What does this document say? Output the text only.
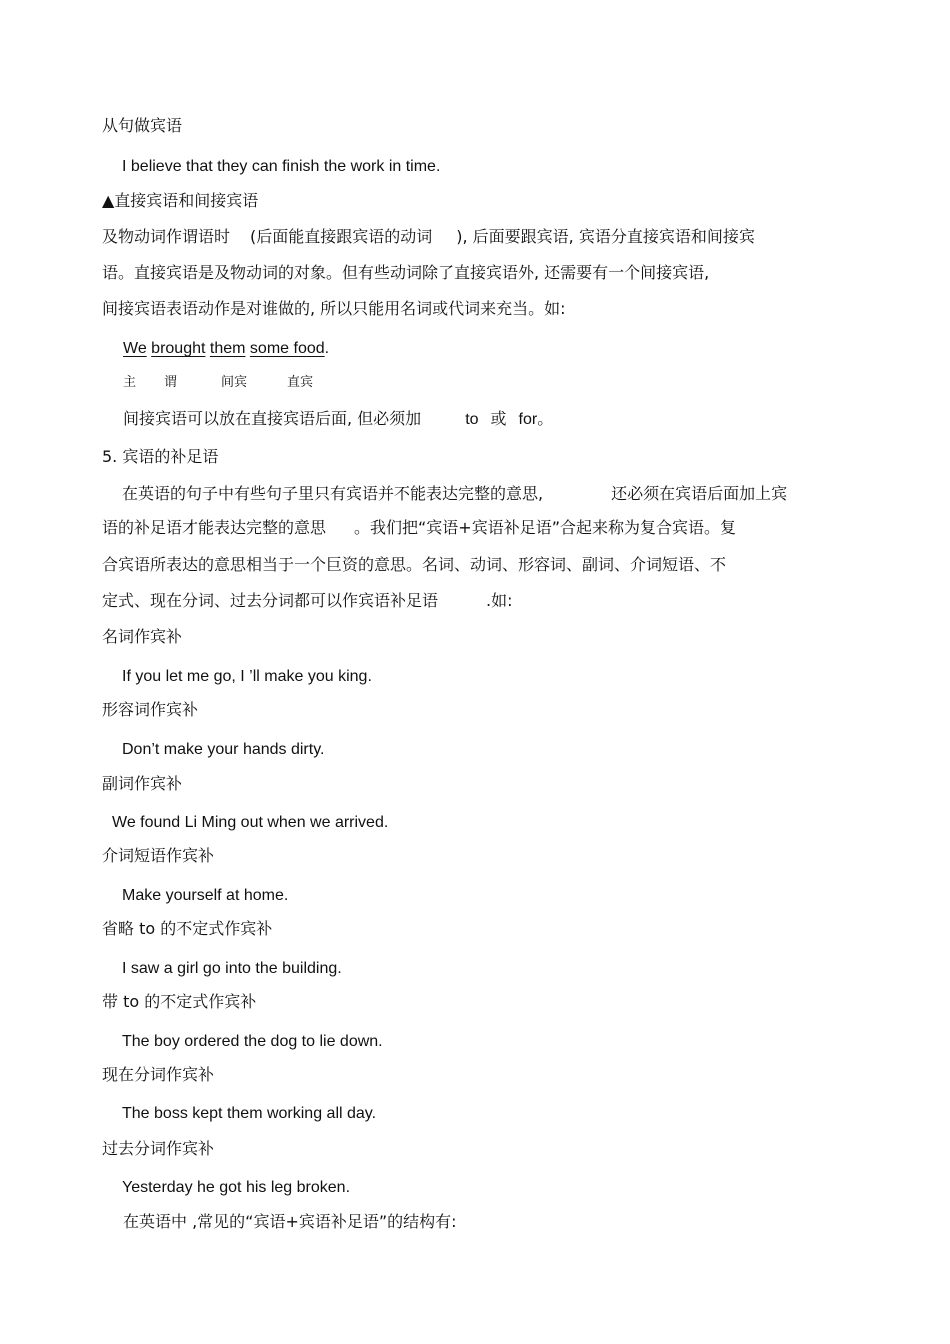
从句做宾语
I believe that they can finish the work in time.
▲直接宾语和间接宾语
及物动词作谓语时 (后面能直接跟宾语的动词 ), 后面要跟宾语, 宾语分直接宾语和间接宾
语。直接宾语是及物动词的对象。但有些动词除了直接宾语外, 还需要有一个间接宾语,
间接宾语表语动作是对谁做的, 所以只能用名词或代词来充当。如:
We brought them some food.
主 谓	间宾	直宾
间接宾语可以放在直接宾语后面, 但必须加	to 或 for。
5. 宾语的补足语
在英语的句子中有些句子里只有宾语并不能表达完整的意思,	还必须在宾语后面加上宾
语的补足语才能表达完整的意思 。我们把“宾语+宾语补足语”合起来称为复合宾语。复
合宾语所表达的意思相当于一个巨资的意思。名词、动词、形容词、副词、介词短语、不
定式、现在分词、过去分词都可以作宾语补足语	.如:
名词作宾补
If you let me go, I ’ll make you king.
形容词作宾补
Don’t make your hands dirty.
副词作宾补
We found Li Ming out when we arrived.
介词短语作宾补
Make yourself at home.
省略 to 的不定式作宾补
I saw a girl go into the building.
带 to 的不定式作宾补
The boy ordered the dog to lie down.
现在分词作宾补
The boss kept them working all day.
过去分词作宾补
Yesterday he got his leg broken.
在英语中 ,常见的“宾语+宾语补足语”的结构有:
